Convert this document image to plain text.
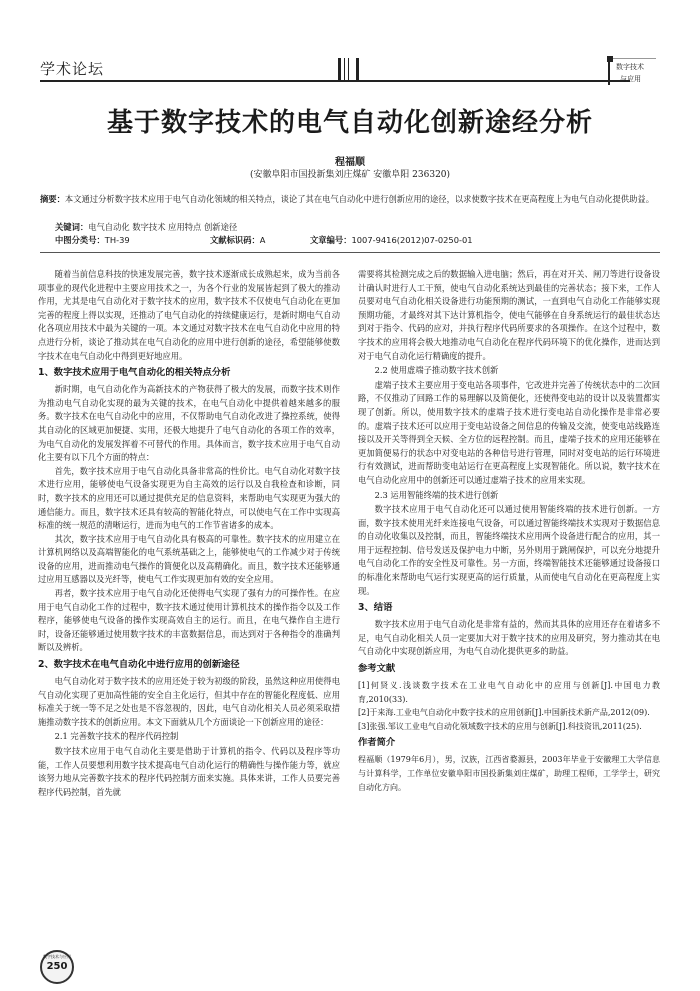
学术论坛	数字技术
与应用
基于数字技术的电气自动化创新途经分析
程福顺
(安徽阜阳市国投新集刘庄煤矿 安徽阜阳 236320)
摘要：本文通过分析数字技术应用于电气自动化领域的相关特点，谈论了其在电气自动化中进行创新应用的途径，以求使数字技术在更高程度上为电气自动化提供助益。
关键词：电气自动化 数字技术 应用特点 创新途径
中图分类号：TH-39	文献标识码：A	文章编号：1007-9416(2012)07-0250-01

随着当前信息科技的快速发展完善，数字技术逐渐成长成熟起来，成为当前各项事业的现代化进程中主要应用技术之一，为各个行业的发展皆起到了极大的推动作用，尤其是电气自动化对于数字技术的应用，数字技术不仅使电气自动化在更加完善的程度上得以实现，还推动了电气自动化的持续健康运行，是新时期电气自动化各项应用技术中最为关键的一项。本文通过对数字技术在电气自动化中应用的特点进行分析，谈论了推动其在电气自动化的应用中进行创新的途径，希望能够使数字技术在电气自动化中得到更好地应用。

1、数字技术应用于电气自动化的相关特点分析

新时期，电气自动化作为高新技术的产物获得了极大的发展，而数字技术则作为推动电气自动化实现的最为关键的技术，在电气自动化中提供着越来越多的服务。数字技术在电气自动化中的应用，不仅帮助电气自动化改进了操控系统，使得其自动化的区域更加便捷、实用，还极大地提升了电气自动化的各项工作的效率，为电气自动化的发展发挥着不可替代的作用。具体而言，数字技术应用于电气自动化主要有以下几个方面的特点：

首先，数字技术应用于电气自动化具备非常高的性价比。电气自动化对数字技术进行应用，能够使电气设备实现更为自主高效的运行以及自我检查和诊断，同时，数字技术的应用还可以通过提供充足的信息资料，来帮助电气实现更为强大的通信能力。而且，数字技术还具有较高的智能化特点，可以使电气在工作中实现高标准的统一规范的清晰运行，进而为电气的工作节省诸多的成本。

其次，数字技术应用于电气自动化具有极高的可靠性。数字技术的应用建立在计算机网络以及高端智能化的电气系统基础之上，能够使电气的工作减少对于传统设备的应用，进而推动电气操作的简便化以及高精确化。而且，数字技术还能够通过应用互感器以及光纤等，使电气工作实现更加有效的安全应用。

再者，数字技术应用于电气自动化还使得电气实现了强有力的可操作性。在应用于电气自动化工作的过程中，数字技术通过使用计算机技术的操作指令以及工作程序，能够使电气设备的操作实现高效自主的运行。而且，在电气操作自主进行时，设备还能够通过使用数字技术的丰富数据信息，而达到对于各种指令的准确判断以及辨析。

2、数字技术在电气自动化中进行应用的创新途径

电气自动化对于数字技术的应用还处于较为初级的阶段，虽然这种应用使得电气自动化实现了更加高性能的安全自主化运行，但其中存在的智能化程度低、应用标准关于统一等不足之处也是不容忽视的，因此，电气自动化相关人员必须采取措施推动数字技术的创新应用。本文下面就从几个方面谈论一下创新应用的途径：

2.1 完善数字技术的程序代码控制

数字技术应用于电气自动化主要是借助于计算机的指令、代码以及程序等功能，工作人员要想利用数字技术提高电气自动化运行的精确性与操作能力等，就应该努力地从完善数字技术的程序代码控制方面来实施。具体来讲，工作人员要完善程序代码控制，首先就

需要将其检测完成之后的数据输入进电脑；然后，再在对开关、闸刀等进行设备设计确认时进行人工干预，使电气自动化系统达到最佳的完善状态；接下来，工作人员要对电气自动化相关设备进行功能预期的测试，一直到电气自动化工作能够实现预期功能，才最终对其下达计算机指令，使电气能够在自身系统运行的最佳状态达到对于指令、代码的应对，并执行程序代码所要求的各项操作。在这个过程中，数字技术的应用将会极大地推动电气自动化在程序代码环境下的优化操作，进而达到对于电气自动化运行精确度的提升。

2.2 使用虚端子推动数字技术创新

虚端子技术主要应用于变电站各项事件，它改进并完善了传统状态中的二次回路，不仅推动了回路工作的易理解以及简便化，还使得变电站的设计以及装置都实现了创新。所以，使用数字技术的虚端子技术进行变电站自动化操作是非常必要的。虚端子技术还可以应用于变电站设备之间信息的传输及交流，使变电站线路连接以及开关等得到全天候、全方位的远程控制。而且，虚端子技术的应用还能够在更加简便易行的状态中对变电站的各种信号进行管理，同时对变电站的运行环境进行有效测试，进而帮助变电站运行在更高程度上实现智能化。所以说，数字技术在电气自动化应用中的创新还可以通过虚端子技术的应用来实现。

2.3 运用智能终端的技术进行创新

数字技术应用于电气自动化还可以通过使用智能终端的技术进行创新。一方面，数字技术使用光纤来连接电气设备，可以通过智能终端技术实现对于数据信息的自动化收集以及控制，而且，智能终端技术应用两个设备进行配合的应用，其一用于远程控制、信号发送及保护电力中断，另外则用于跳闸保护，可以充分地提升电气自动化工作的安全性及可靠性。另一方面，终端智能技术还能够通过设备接口的标准化来帮助电气运行实现更高的运行质量，从而使电气自动化在更高程度上实现。

3、结语

数字技术应用于电气自动化是非常有益的，然而其具体的应用还存在着诸多不足，电气自动化相关人员一定要加大对于数字技术的应用及研究，努力推动其在电气自动化中实现创新应用，为电气自动化提供更多的助益。

参考文献

[1]何贤义.浅谈数字技术在工业电气自动化中的应用与创新[J].中国电力教育,2010(33).

[2]于来海.工业电气自动化中数字技术的应用创新[J].中国新技术新产品,2012(09).

[3]张强.邹议工业电气自动化领域数字技术的应用与创新[J].科技资讯,2011(25).

作者简介

程福顺（1979年6月），男，汉族，江西省婺源县，2003年毕业于安徽理工大学信息与计算科学，工作单位安徽阜阳市国投新集刘庄煤矿，助理工程师，工学学士，研究自动化方向。

数字技术与应用
250
